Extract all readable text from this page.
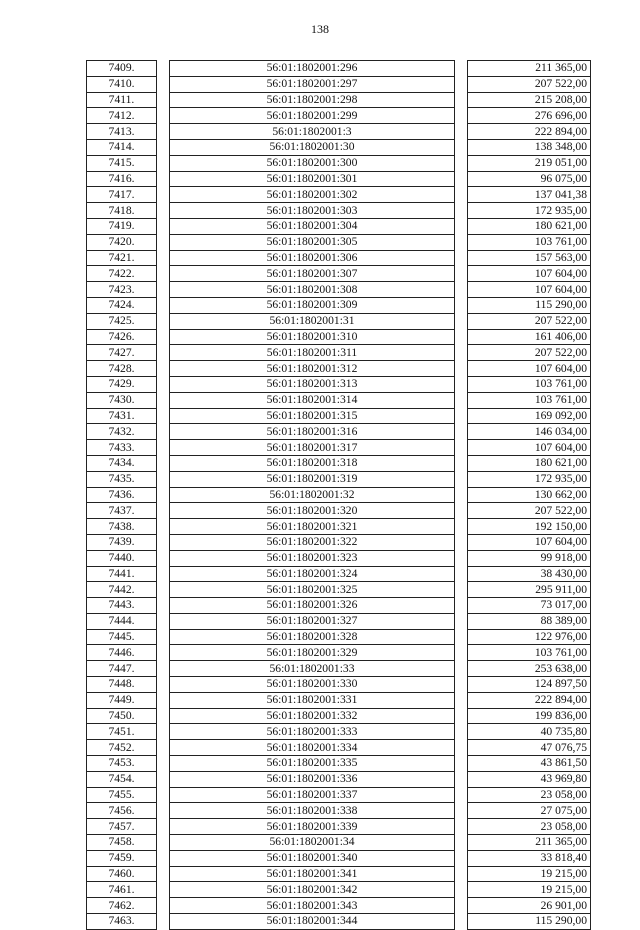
138
7409.		56:01:1802001:296		211 365,00
7410.		56:01:1802001:297		207 522,00
7411.		56:01:1802001:298		215 208,00
7412.		56:01:1802001:299		276 696,00
7413.		56:01:1802001:3		222 894,00
7414.		56:01:1802001:30		138 348,00
7415.		56:01:1802001:300		219 051,00
7416.		56:01:1802001:301		96 075,00
7417.		56:01:1802001:302		137 041,38
7418.		56:01:1802001:303		172 935,00
7419.		56:01:1802001:304		180 621,00
7420.		56:01:1802001:305		103 761,00
7421.		56:01:1802001:306		157 563,00
7422.		56:01:1802001:307		107 604,00
7423.		56:01:1802001:308		107 604,00
7424.		56:01:1802001:309		115 290,00
7425.		56:01:1802001:31		207 522,00
7426.		56:01:1802001:310		161 406,00
7427.		56:01:1802001:311		207 522,00
7428.		56:01:1802001:312		107 604,00
7429.		56:01:1802001:313		103 761,00
7430.		56:01:1802001:314		103 761,00
7431.		56:01:1802001:315		169 092,00
7432.		56:01:1802001:316		146 034,00
7433.		56:01:1802001:317		107 604,00
7434.		56:01:1802001:318		180 621,00
7435.		56:01:1802001:319		172 935,00
7436.		56:01:1802001:32		130 662,00
7437.		56:01:1802001:320		207 522,00
7438.		56:01:1802001:321		192 150,00
7439.		56:01:1802001:322		107 604,00
7440.		56:01:1802001:323		99 918,00
7441.		56:01:1802001:324		38 430,00
7442.		56:01:1802001:325		295 911,00
7443.		56:01:1802001:326		73 017,00
7444.		56:01:1802001:327		88 389,00
7445.		56:01:1802001:328		122 976,00
7446.		56:01:1802001:329		103 761,00
7447.		56:01:1802001:33		253 638,00
7448.		56:01:1802001:330		124 897,50
7449.		56:01:1802001:331		222 894,00
7450.		56:01:1802001:332		199 836,00
7451.		56:01:1802001:333		40 735,80
7452.		56:01:1802001:334		47 076,75
7453.		56:01:1802001:335		43 861,50
7454.		56:01:1802001:336		43 969,80
7455.		56:01:1802001:337		23 058,00
7456.		56:01:1802001:338		27 075,00
7457.		56:01:1802001:339		23 058,00
7458.		56:01:1802001:34		211 365,00
7459.		56:01:1802001:340		33 818,40
7460.		56:01:1802001:341		19 215,00
7461.		56:01:1802001:342		19 215,00
7462.		56:01:1802001:343		26 901,00
7463.		56:01:1802001:344		115 290,00
